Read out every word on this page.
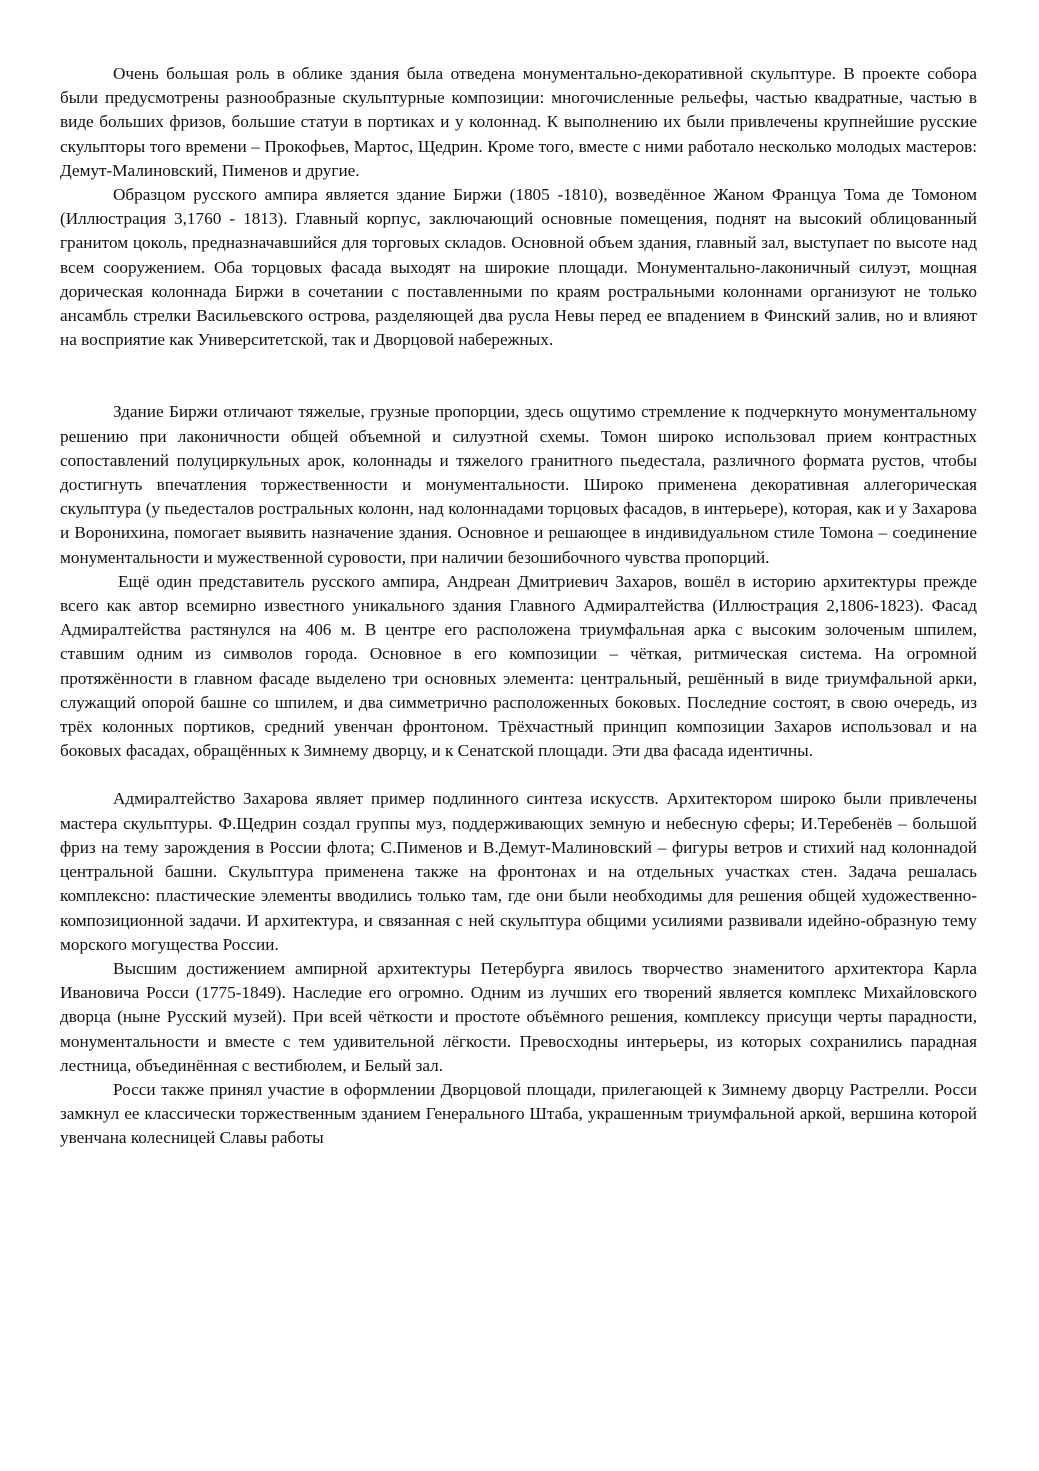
Очень большая роль в облике здания была отведена монументально-декоративной скульптуре. В проекте собора были предусмотрены разнообразные скульптурные композиции: многочисленные рельефы, частью квадратные, частью в виде больших фризов, большие статуи в портиках и у колоннад. К выполнению их были привлечены крупнейшие русские скульпторы того времени – Прокофьев, Мартос, Щедрин. Кроме того, вместе с ними работало несколько молодых мастеров: Демут-Малиновский, Пименов и другие.

Образцом русского ампира является здание Биржи (1805 -1810), возведённое Жаном Француа Тома де Томоном (Иллюстрация 3,1760 - 1813). Главный корпус, заключающий основные помещения, поднят на высокий облицованный гранитом цоколь, предназначавшийся для торговых складов. Основной объем здания, главный зал, выступает по высоте над всем сооружением. Оба торцовых фасада выходят на широкие площади. Монументально-лаконичный силуэт, мощная дорическая колоннада Биржи в сочетании с поставленными по краям ростральными колоннами организуют не только ансамбль стрелки Васильевского острова, разделяющей два русла Невы перед ее впадением в Финский залив, но и влияют на восприятие как Университетской, так и Дворцовой набережных.

Здание Биржи отличают тяжелые, грузные пропорции, здесь ощутимо стремление к подчеркнуто монументальному решению при лаконичности общей объемной и силуэтной схемы. Томон широко использовал прием контрастных сопоставлений полуциркульных арок, колоннады и тяжелого гранитного пьедестала, различного формата рустов, чтобы достигнуть впечатления торжественности и монументальности. Широко применена декоративная аллегорическая скульптура (у пьедесталов ростральных колонн, над колоннадами торцовых фасадов, в интерьере), которая, как и у Захарова и Воронихина, помогает выявить назначение здания. Основное и решающее в индивидуальном стиле Томона – соединение монументальности и мужественной суровости, при наличии безошибочного чувства пропорций.

Ещё один представитель русского ампира, Андреан Дмитриевич Захаров, вошёл в историю архитектуры прежде всего как автор всемирно известного уникального здания Главного Адмиралтейства (Иллюстрация 2,1806-1823). Фасад Адмиралтейства растянулся на 406 м. В центре его расположена триумфальная арка с высоким золоченым шпилем, ставшим одним из символов города. Основное в его композиции – чёткая, ритмическая система. На огромной протяжённости в главном фасаде выделено три основных элемента: центральный, решённый в виде триумфальной арки, служащий опорой башне со шпилем, и два симметрично расположенных боковых. Последние состоят, в свою очередь, из трёх колонных портиков, средний увенчан фронтоном. Трёхчастный принцип композиции Захаров использовал и на боковых фасадах, обращённых к Зимнему дворцу, и к Сенатской площади. Эти два фасада идентичны.

Адмиралтейство Захарова являет пример подлинного синтеза искусств. Архитектором широко были привлечены мастера скульптуры. Ф.Щедрин создал группы муз, поддерживающих земную и небесную сферы; И.Теребенёв – большой фриз на тему зарождения в России флота; С.Пименов и В.Демут-Малиновский – фигуры ветров и стихий над колоннадой центральной башни. Скульптура применена также на фронтонах и на отдельных участках стен. Задача решалась комплексно: пластические элементы вводились только там, где они были необходимы для решения общей художественно-композиционной задачи. И архитектура, и связанная с ней скульптура общими усилиями развивали идейно-образную тему морского могущества России.

Высшим достижением ампирной архитектуры Петербурга явилось творчество знаменитого архитектора Карла Ивановича Росси (1775-1849). Наследие его огромно. Одним из лучших его творений является комплекс Михайловского дворца (ныне Русский музей). При всей чёткости и простоте объёмного решения, комплексу присущи черты парадности, монументальности и вместе с тем удивительной лёгкости. Превосходны интерьеры, из которых сохранились парадная лестница, объединённая с вестибюлем, и Белый зал.

Росси также принял участие в оформлении Дворцовой площади, прилегающей к Зимнему дворцу Растрелли. Росси замкнул ее классически торжественным зданием Генерального Штаба, украшенным триумфальной аркой, вершина которой увенчана колесницей Славы работы
